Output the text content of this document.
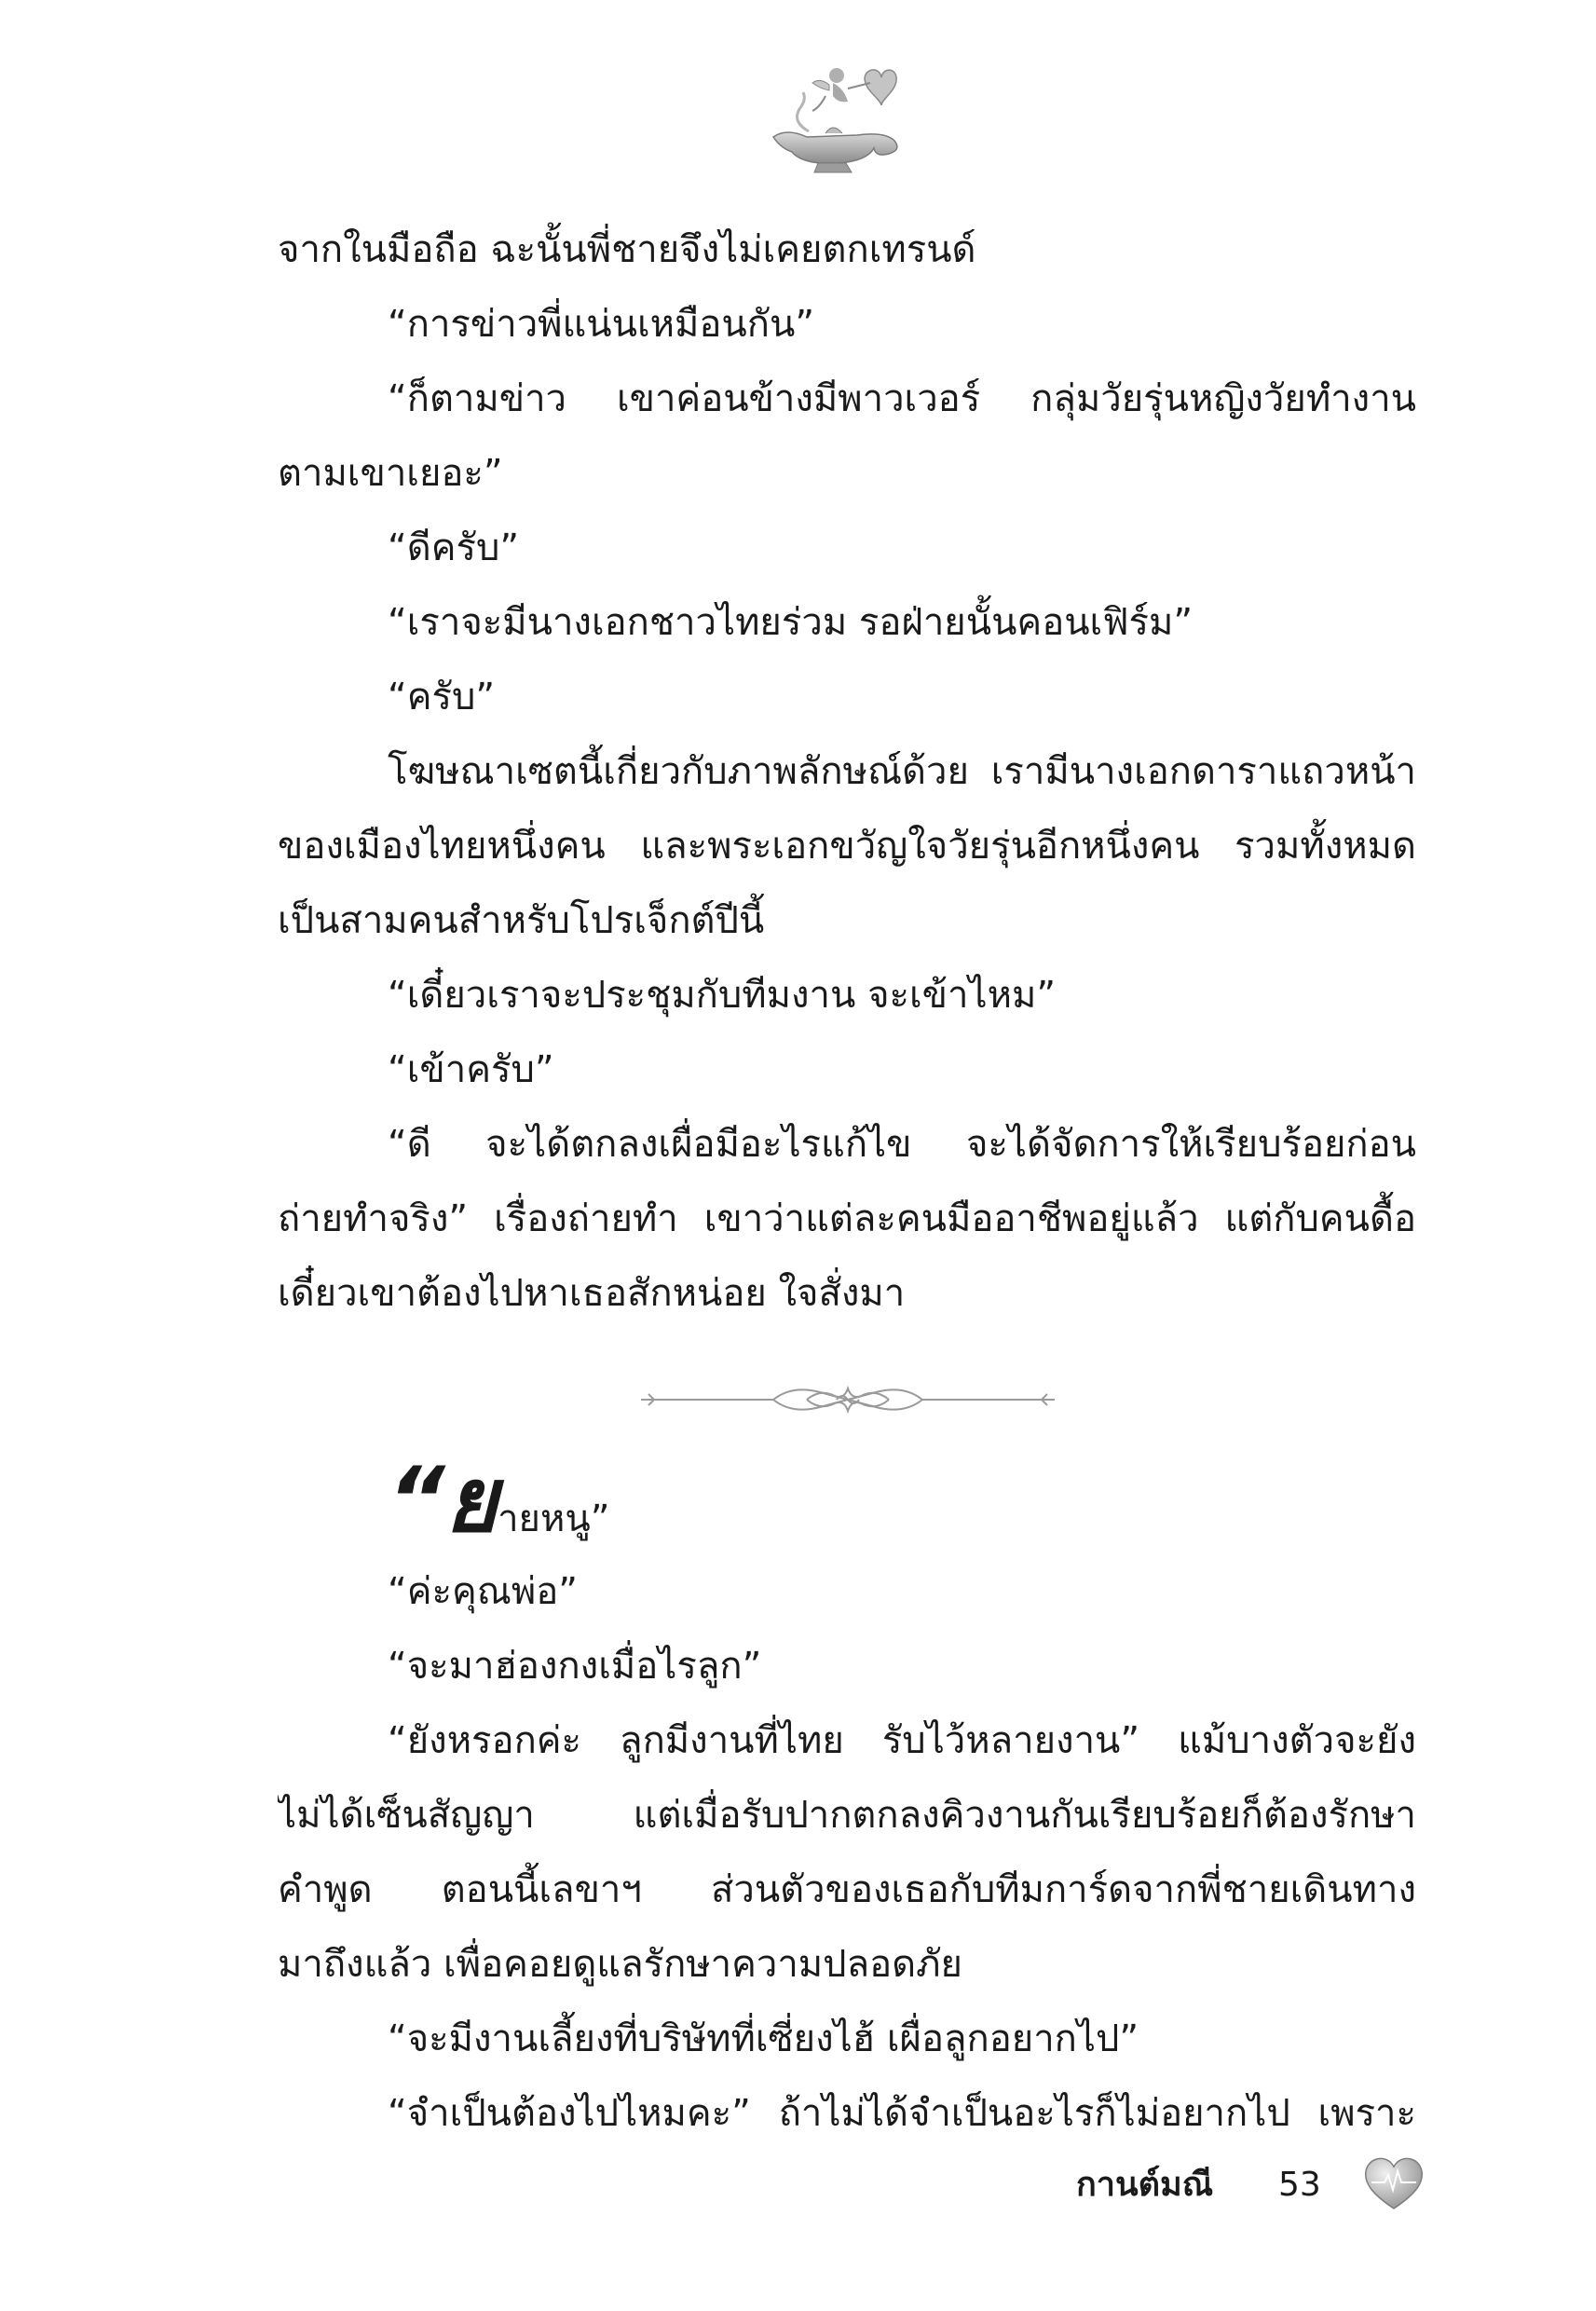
จากในมือถือ ฉะนั้นพี่ชายจึงไม่เคยตกเทรนด์
“การข่าวพี่แน่นเหมือนกัน”
“ก็ตามข่าว เขาค่อนข้างมีพาวเวอร์ กลุ่มวัยรุ่นหญิงวัยทำงาน
ตามเขาเยอะ”
“ดีครับ”
“เราจะมีนางเอกชาวไทยร่วม รอฝ่ายนั้นคอนเฟิร์ม”
“ครับ”
โฆษณาเซตนี้เกี่ยวกับภาพลักษณ์ด้วย เรามีนางเอกดาราแถวหน้า
ของเมืองไทยหนึ่งคน และพระเอกขวัญใจวัยรุ่นอีกหนึ่งคน รวมทั้งหมด
เป็นสามคนสำหรับโปรเจ็กต์ปีนี้
“เดี๋ยวเราจะประชุมกับทีมงาน จะเข้าไหม”
“เข้าครับ”
“ดี จะได้ตกลงเผื่อมีอะไรแก้ไข จะได้จัดการให้เรียบร้อยก่อน
ถ่ายทำจริง” เรื่องถ่ายทำ เขาว่าแต่ละคนมืออาชีพอยู่แล้ว แต่กับคนดื้อ
เดี๋ยวเขาต้องไปหาเธอสักหน่อย ใจสั่งมา
“ยายหนู”
“ค่ะคุณพ่อ”
“จะมาฮ่องกงเมื่อไรลูก”
“ยังหรอกค่ะ ลูกมีงานที่ไทย รับไว้หลายงาน” แม้บางตัวจะยัง
ไม่ได้เซ็นสัญญา แต่เมื่อรับปากตกลงคิวงานกันเรียบร้อยก็ต้องรักษา
คำพูด ตอนนี้เลขาฯ ส่วนตัวของเธอกับทีมการ์ดจากพี่ชายเดินทาง
มาถึงแล้ว เพื่อคอยดูแลรักษาความปลอดภัย
“จะมีงานเลี้ยงที่บริษัทที่เซี่ยงไฮ้ เผื่อลูกอยากไป”
“จำเป็นต้องไปไหมคะ” ถ้าไม่ได้จำเป็นอะไรก็ไม่อยากไป เพราะ
กานต์มณี 53
